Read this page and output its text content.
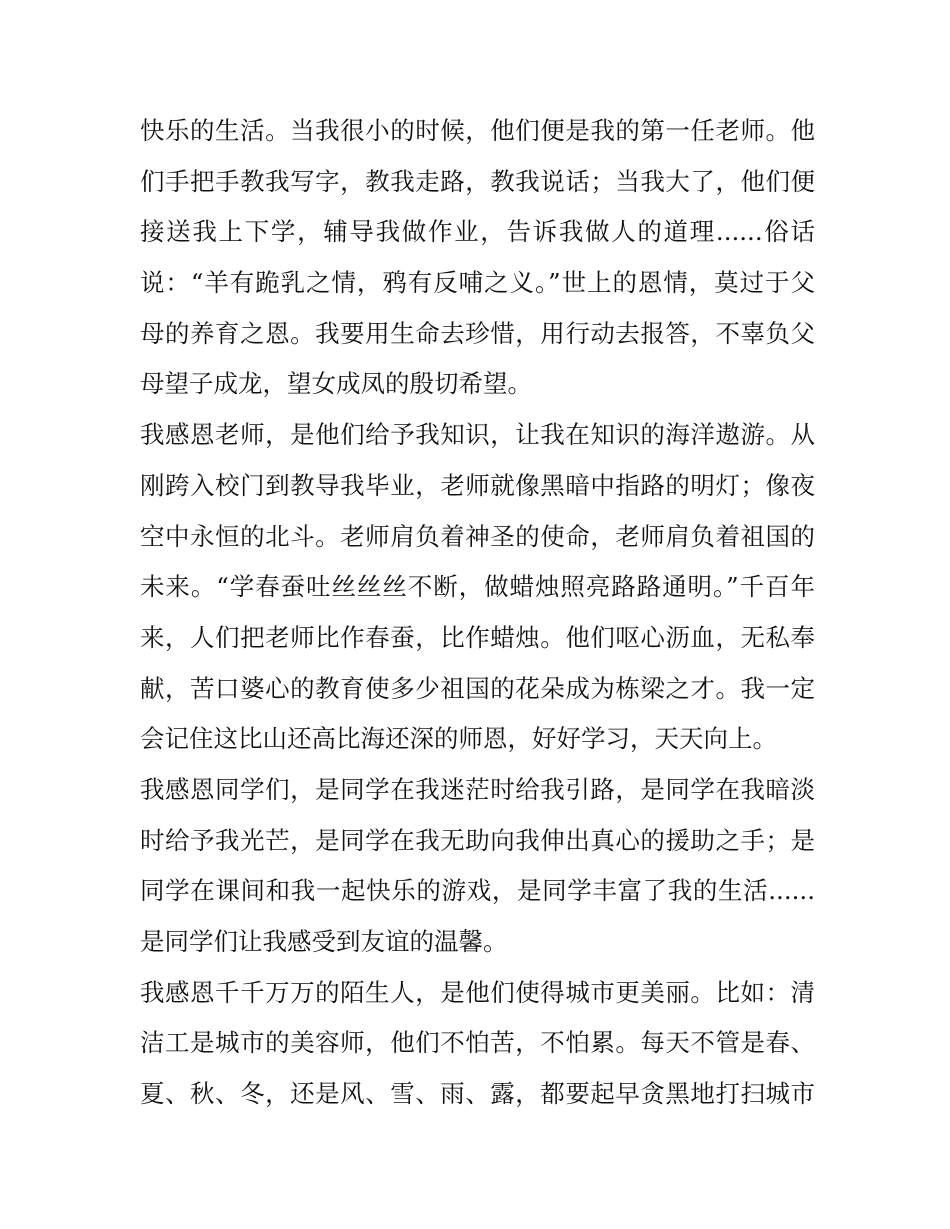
快乐的生活。当我很小的时候，他们便是我的第一任老师。他
们手把手教我写字，教我走路，教我说话；当我大了，他们便
接送我上下学，辅导我做作业，告诉我做人的道理......俗话
说：“羊有跪乳之情，鸦有反哺之义。”世上的恩情，莫过于父
母的养育之恩。我要用生命去珍惜，用行动去报答，不辜负父
母望子成龙，望女成凤的殷切希望。
我感恩老师，是他们给予我知识，让我在知识的海洋遨游。从
刚跨入校门到教导我毕业，老师就像黑暗中指路的明灯；像夜
空中永恒的北斗。老师肩负着神圣的使命，老师肩负着祖国的
未来。“学春蚕吐丝丝丝不断，做蜡烛照亮路路通明。”千百年
来，人们把老师比作春蚕，比作蜡烛。他们呕心沥血，无私奉
献，苦口婆心的教育使多少祖国的花朵成为栋梁之才。我一定
会记住这比山还高比海还深的师恩，好好学习，天天向上。
我感恩同学们，是同学在我迷茫时给我引路，是同学在我暗淡
时给予我光芒，是同学在我无助向我伸出真心的援助之手；是
同学在课间和我一起快乐的游戏，是同学丰富了我的生活......
是同学们让我感受到友谊的温馨。
我感恩千千万万的陌生人，是他们使得城市更美丽。比如：清
洁工是城市的美容师，他们不怕苦，不怕累。每天不管是春、
夏、秋、冬，还是风、雪、雨、露，都要起早贪黑地打扫城市
